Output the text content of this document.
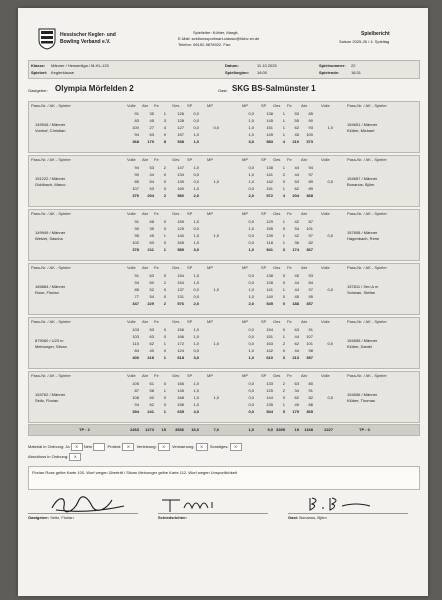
Hessischer Kegler- und
Bowling Verband e.V.
Spielleiter: Köhler, Margit,
E-Mail: sektionssportwart-classic@hkbv-ev.de
Telefon: 06152-9878922, Fax:
Spielbericht
Saison 2025-26 / 4. Spieltag
Klasse: Männer / Hessenliga / M-HL-120
Spielort: Keglerklause
Datum:	11.10.2025
Spielbeginn: 16:00
Spielnummer: 22
Spielende:	18:31
Gastgeber: Olympia Mörfelden 2	Gast: SKG BS-Salmünster 1
Pass-Nr. / AK - Spieler	Volle Abr Fe	Ges SP	MP	MP	SP Ges Fe Abr	Volle	Pass-Nr. / AK - Spieler
149945 / Männer	154651 / Männer
Vonhof, Christian	Klüber, Michael
91	35	1	126	0,0
83	45	3	128	0,0
100	27	4	127	0,0	0,0
94	63	0	157	1,0
368	170	8	538	1,0
0,0	138	1	53	85
1,0	145	1	55	90
1,0	151	1	62	93	1,0
1,0	145	1	45	100
3,0	583	4	210	373
Pass-Nr. / AK - Spieler	Volle Abr Fe	Ges SP	MP	MP	SP Ges Fe Abr	Volle	Pass-Nr. / AK - Spieler
151222 / Männer	154657 / Männer
Goldbach, Marco	Bonanus, Björn
94	53	2	147	1,0
90	44	0	134	0,0
85	54	0	139	0,0	1,0
107	53	0	160	1,0
376	204	2	580	2,0
0,0	138	1	44	94
1,0	141	2	44	97
1,0	142	0	53	89	0,0
0,0	151	1	62	89
2,0	572	4	204	368
Pass-Nr. / AK - Spieler	Volle Abr Fe	Ges SP	MP	MP	SP Ges Fe Abr	Volle	Pass-Nr. / AK - Spieler
149949 / Männer	157808 / Männer
Wetzel, Sascha	Hagenbach, Rene
91	68	0	159	1,0
90	35	0	125	0,0
95	45	1	140	1,0	1,0
102	63	0	165	1,0
378	211	1	589	3,0
0,0	129	1	42	87
1,0	155	0	54	101
0,0	139	1	42	97	0,0
0,0	118	1	36	82
1,0	541	3	174	367
Pass-Nr. / AK - Spieler	Volle Abr Fe	Ges SP	MP	MP	SP Ges Fe Abr	Volle	Pass-Nr. / AK - Spieler
165884 / Männer	157811 / Sen A m
Rose, Florian	Schwan, Stefan
91	63	0	154	1,0
94	60	2	154	1,0
85	52	0	137	0,0	1,0
77	54	0	131	0,0
347	229	2	576	2,0
0,0	138	0	45	93
0,0	128	0	44	84
1,0	141	1	44	97	0,0
1,0	140	0	45	95
2,0	545	0	188	357
Pass-Nr. / AK - Spieler	Volle Abr Fe	Ges SP	MP	MP	SP Ges Fe Abr	Volle	Pass-Nr. / AK - Spieler
879060 / U23 m	154655 / Männer
Meinunger, Silvan	Klüber, Daniel
103	53	0	156	1,0
103	63	0	166	1,0
110	62	1	172	1,0	1,0
84	40	0	124	0,0
400	218	1	618	3,0
0,0	154	0	63	91
0,0	151	1	44	107
0,0	163	2	62	101	0,0
1,0	142	0	44	98
1,0	610	3	213	397
Pass-Nr. / AK - Spieler	Volle Abr Fe	Ges SP	MP	MP	SP Ges Fe Abr	Volle	Pass-Nr. / AK - Spieler
154762 / Männer	154656 / Männer
Seitz, Florian	Klüber, Thomas
105	61	0	166	1,0
87	58	1	145	1,0
108	60	0	168	1,0	1,0
94	62	0	156	1,0
394	241	1	635	4,0
0,0	133	2	63	80
0,0	125	2	34	91
0,0	144	0	62	82	0,0
0,0	135	1	49	86
0,0	544	5	179	365
TP : 2	2263	1273	15	3536	15,0	7,0	1,0	9,0 3395	19	1168	2227	TP : 0
Material in Ordnung: Ja X Nein	Protest: X Verletzung: X Verwarnung: X Sonstiges: X
Abschluss in Ordnung: X
Florian Rose gelbe Karte 100. Wurf wegen Übertritt / Silvan Meinunger gelbe Karte 112. Wurf wegen Unsportlichkeit
Gastgeber: Seitz, Florian	Schiedsrichter:	Gast: Bonanus, Björn
